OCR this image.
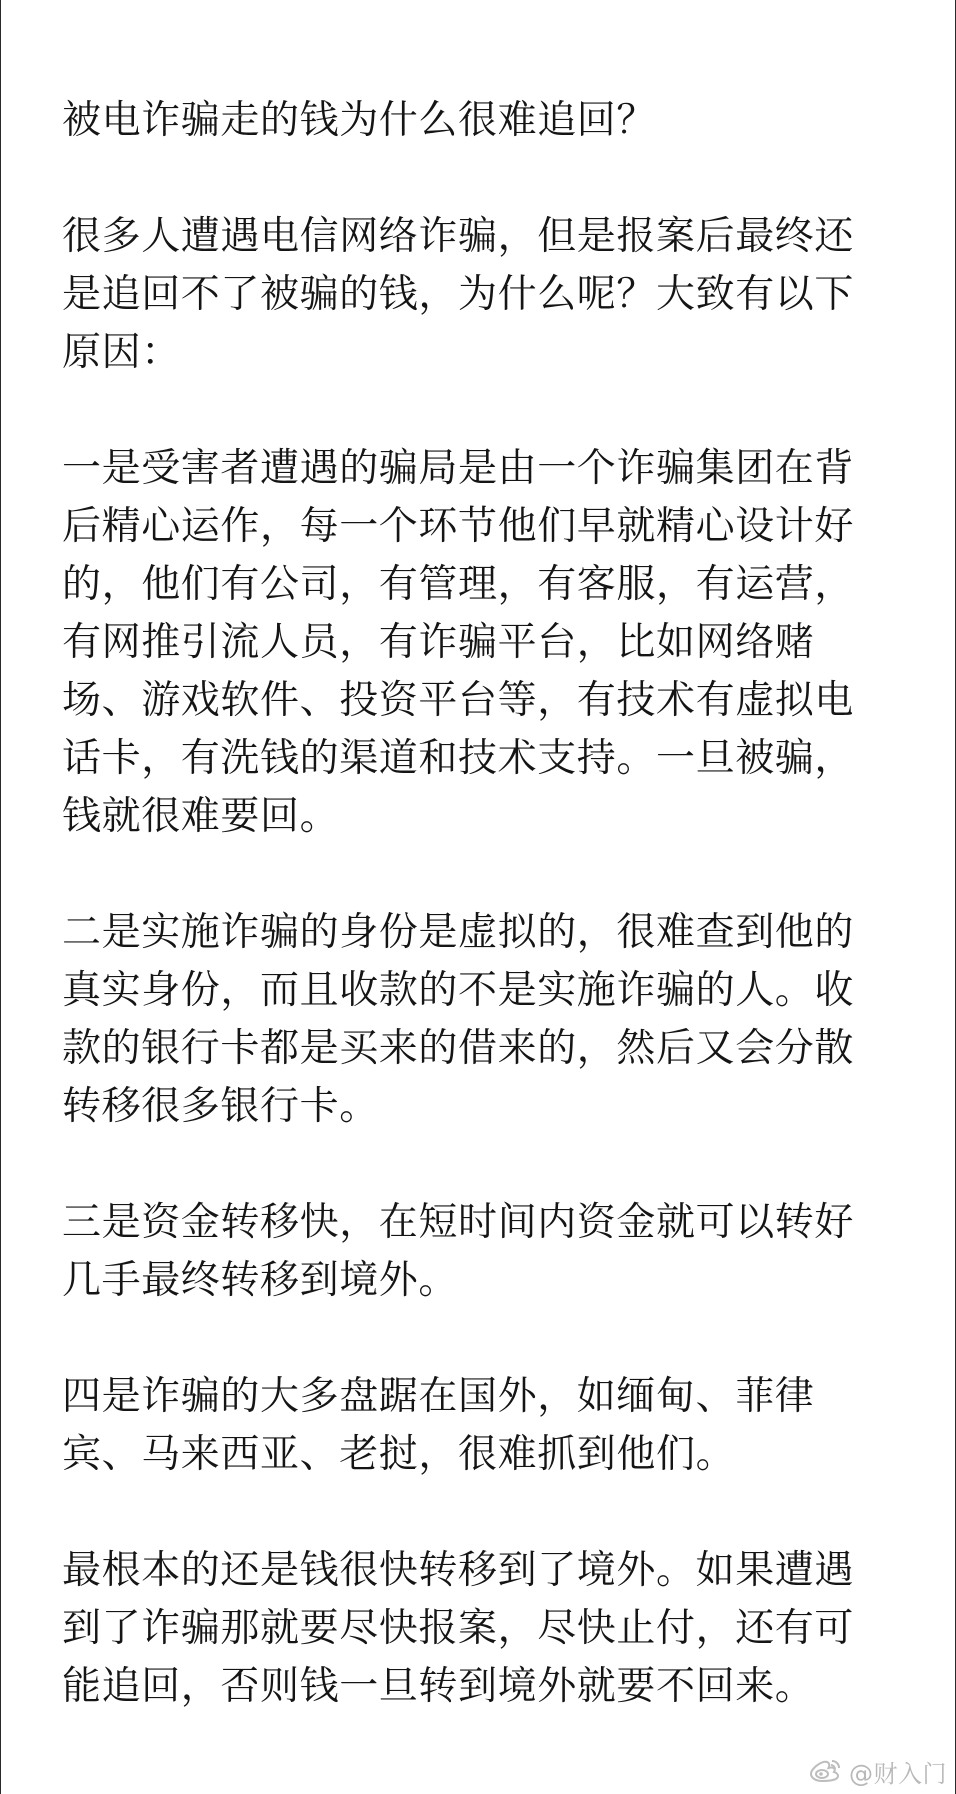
被电诈骗走的钱为什么很难追回？

很多人遭遇电信网络诈骗，但是报案后最终还
是追回不了被骗的钱，为什么呢？大致有以下
原因：

一是受害者遭遇的骗局是由一个诈骗集团在背
后精心运作，每一个环节他们早就精心设计好
的，他们有公司，有管理，有客服，有运营，
有网推引流人员，有诈骗平台，比如网络赌
场、游戏软件、投资平台等，有技术有虚拟电
话卡，有洗钱的渠道和技术支持。一旦被骗，
钱就很难要回。

二是实施诈骗的身份是虚拟的，很难查到他的
真实身份，而且收款的不是实施诈骗的人。收
款的银行卡都是买来的借来的，然后又会分散
转移很多银行卡。

三是资金转移快，在短时间内资金就可以转好
几手最终转移到境外。

四是诈骗的大多盘踞在国外，如缅甸、菲律
宾、马来西亚、老挝，很难抓到他们。

最根本的还是钱很快转移到了境外。如果遭遇
到了诈骗那就要尽快报案，尽快止付，还有可
能追回，否则钱一旦转到境外就要不回来。

@财入门
